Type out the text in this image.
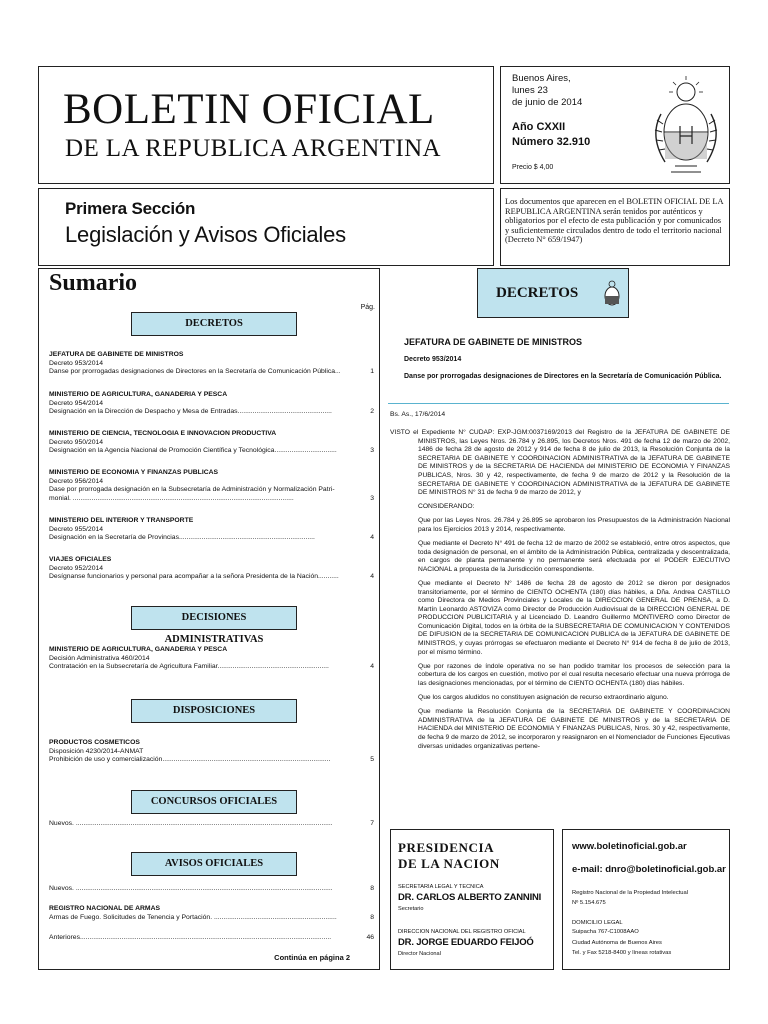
BOLETIN OFICIAL
DE LA REPUBLICA ARGENTINA
Buenos Aires,
lunes 23
de junio de 2014
Año CXXII
Número 32.910
Precio $ 4,00
Primera Sección
Legislación y Avisos Oficiales
Los documentos que aparecen en el BOLETIN OFICIAL DE LA REPUBLICA ARGENTINA serán tenidos por auténticos y obligatorios por el efecto de esta publicación y por comunicados y suficientemente circulados dentro de todo el territorio nacional (Decreto N° 659/1947)
Sumario
Pág.
DECRETOS
JEFATURA DE GABINETE DE MINISTROS
Decreto 953/2014
Danse por prorrogadas designaciones de Directores en la Secretaría de Comunicación Pública...	1
MINISTERIO DE AGRICULTURA, GANADERIA Y PESCA
Decreto 954/2014
Designación en la Dirección de Despacho y Mesa de Entradas..................................................	2
MINISTERIO DE CIENCIA, TECNOLOGIA E INNOVACION PRODUCTIVA
Decreto 950/2014
Designación en la Agencia Nacional de Promoción Científica y Tecnológica.................................	3
MINISTERIO DE ECONOMIA Y FINANZAS PUBLICAS
Decreto 956/2014
Dase por prorrogada designación en la Subsecretaría de Administración y Normalización Patri-
monial. .....................................................................................................................	3
MINISTERIO DEL INTERIOR Y TRANSPORTE
Decreto 955/2014
Designación en la Secretaría de Provincias........................................................................	4
VIAJES OFICIALES
Decreto 952/2014
Desígnanse funcionarios y personal para acompañar a la señora Presidenta de la Nación...........	4
DECISIONES ADMINISTRATIVAS
MINISTERIO DE AGRICULTURA, GANADERIA Y PESCA
Decisión Administrativa 460/2014
Contratación en la Subsecretaría de Agricultura Familiar...........................................................	4
DISPOSICIONES
PRODUCTOS COSMETICOS
Disposición 4230/2014-ANMAT
Prohibición de uso y comercialización.........................................................................................	5
CONCURSOS OFICIALES
Nuevos. ........................................................................................................................................	7
AVISOS OFICIALES
Nuevos. ........................................................................................................................................	8
REGISTRO NACIONAL DE ARMAS
Armas de Fuego. Solicitudes de Tenencia y Portación. .................................................................	8
Anteriores.....................................................................................................................................	46
Continúa en página 2
DECRETOS
JEFATURA DE GABINETE DE MINISTROS
Decreto 953/2014
Danse por prorrogadas designaciones de Directores en la Secretaría de Comunicación Pública.
Bs. As., 17/6/2014

VISTO el Expediente N° CUDAP: EXP-JGM:0037169/2013 del Registro de la JEFATURA DE GABINETE DE MINISTROS, las Leyes Nros. 26.784 y 26.895, los Decretos Nros. 491 de fecha 12 de marzo de 2002, 1486 de fecha 28 de agosto de 2012 y 914 de fecha 8 de julio de 2013, la Resolución Conjunta de la SECRETARIA DE GABINETE Y COORDINACION ADMINISTRATIVA de la JEFATURA DE GABINETE DE MINISTROS y de la SECRETARIA DE HACIENDA del MINISTERIO DE ECONOMIA Y FINANZAS PUBLICAS, Nros. 30 y 42, respectivamente, de fecha 9 de marzo de 2012 y la Resolución de la SECRETARIA DE GABINETE Y COORDINACION ADMINISTRATIVA de la JEFATURA DE GABINETE DE MINISTROS N° 31 de fecha 9 de marzo de 2012, y

CONSIDERANDO:

Que por las Leyes Nros. 26.784 y 26.895 se aprobaron los Presupuestos de la Administración Nacional para los Ejercicios 2013 y 2014, respectivamente.

Que mediante el Decreto N° 491 de fecha 12 de marzo de 2002 se estableció, entre otros aspectos, que toda designación de personal, en el ámbito de la Administración Pública, centralizada y descentralizada, en cargos de planta permanente y no permanente será efectuada por el PODER EJECUTIVO NACIONAL a propuesta de la Jurisdicción correspondiente.

Que mediante el Decreto N° 1486 de fecha 28 de agosto de 2012 se dieron por designados transitoriamente, por el término de CIENTO OCHENTA (180) días hábiles, a Dña. Andrea CASTILLO como Directora de Medios Provinciales y Locales de la DIRECCION GENERAL DE PRENSA, a D. Martín Leonardo ASTOVIZA como Director de Producción Audiovisual de la DIRECCION GENERAL DE PRODUCCION PUBLICITARIA y al Licenciado D. Leandro Guillermo MONTIVERO como Director de Comunicación Digital, todos en la órbita de la SUBSECRETARIA DE COMUNICACION Y CONTENIDOS DE DIFUSION de la SECRETARIA DE COMUNICACION PUBLICA de la JEFATURA DE GABINETE DE MINISTROS, y cuyas prórrogas se efectuaron mediante el Decreto N° 914 de fecha 8 de julio de 2013, por el mismo término.

Que por razones de índole operativa no se han podido tramitar los procesos de selección para la cobertura de los cargos en cuestión, motivo por el cual resulta necesario efectuar una nueva prórroga de las designaciones mencionadas, por el término de CIENTO OCHENTA (180) días hábiles.

Que los cargos aludidos no constituyen asignación de recurso extraordinario alguno.

Que mediante la Resolución Conjunta de la SECRETARIA DE GABINETE Y COORDINACION ADMINISTRATIVA de la JEFATURA DE GABINETE DE MINISTROS y de la SECRETARIA DE HACIENDA del MINISTERIO DE ECONOMIA Y FINANZAS PUBLICAS, Nros. 30 y 42, respectivamente, de fecha 9 de marzo de 2012, se incorporaron y reasignaron en el Nomenclador de Funciones Ejecutivas diversas unidades organizativas pertene-

PRESIDENCIA
DE LA NACION
SECRETARIA LEGAL Y TECNICA
DR. CARLOS ALBERTO ZANNINI
Secretario
DIRECCION NACIONAL DEL REGISTRO OFICIAL
DR. JORGE EDUARDO FEIJOÓ
Director Nacional
www.boletinoficial.gob.ar
e-mail: dnro@boletinoficial.gob.ar
Registro Nacional de la Propiedad Intelectual
Nº 5.154.675
DOMICILIO LEGAL
Suipacha 767-C1008AAO
Ciudad Autónoma de Buenos Aires
Tel. y Fax 5218-8400 y líneas rotativas
